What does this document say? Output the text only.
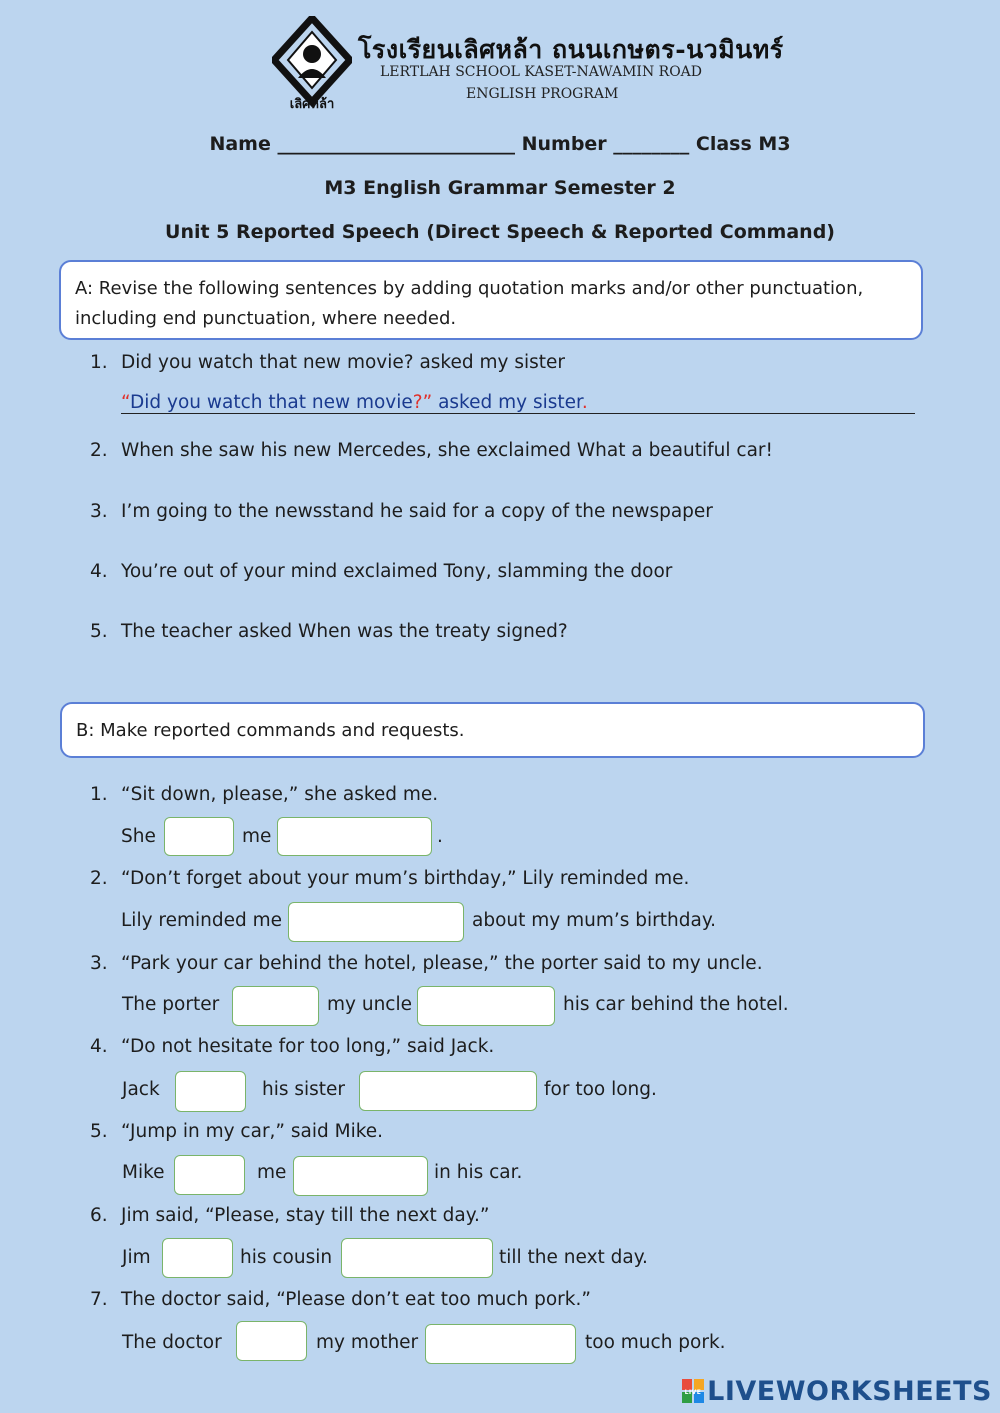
เลิศหล้า
โรงเรียนเลิศหล้า ถนนเกษตร-นวมินทร์
LERTLAH SCHOOL KASET-NAWAMIN ROAD
ENGLISH PROGRAM
Name _________________________ Number ________ Class M3
M3 English Grammar Semester 2
Unit 5 Reported Speech (Direct Speech & Reported Command)
A: Revise the following sentences by adding quotation marks and/or other punctuation, including end punctuation, where needed.
1. Did you watch that new movie? asked my sister
“Did you watch that new movie?” asked my sister.
2. When she saw his new Mercedes, she exclaimed What a beautiful car!
3. I’m going to the newsstand he said for a copy of the newspaper
4. You’re out of your mind exclaimed Tony, slamming the door
5. The teacher asked When was the treaty signed?
B: Make reported commands and requests.
1. “Sit down, please,” she asked me.
She	me	.
2. “Don’t forget about your mum’s birthday,” Lily reminded me.
Lily reminded me	about my mum’s birthday.
3. “Park your car behind the hotel, please,” the porter said to my uncle.
The porter	my uncle	his car behind the hotel.
4. “Do not hesitate for too long,” said Jack.
Jack	his sister	for too long.
5. “Jump in my car,” said Mike.
Mike	me	in his car.
6. Jim said, “Please, stay till the next day.”
Jim	his cousin	till the next day.
7. The doctor said, “Please don’t eat too much pork.”
The doctor	my mother	too much pork.
LIVE LIVEWORKSHEETS
